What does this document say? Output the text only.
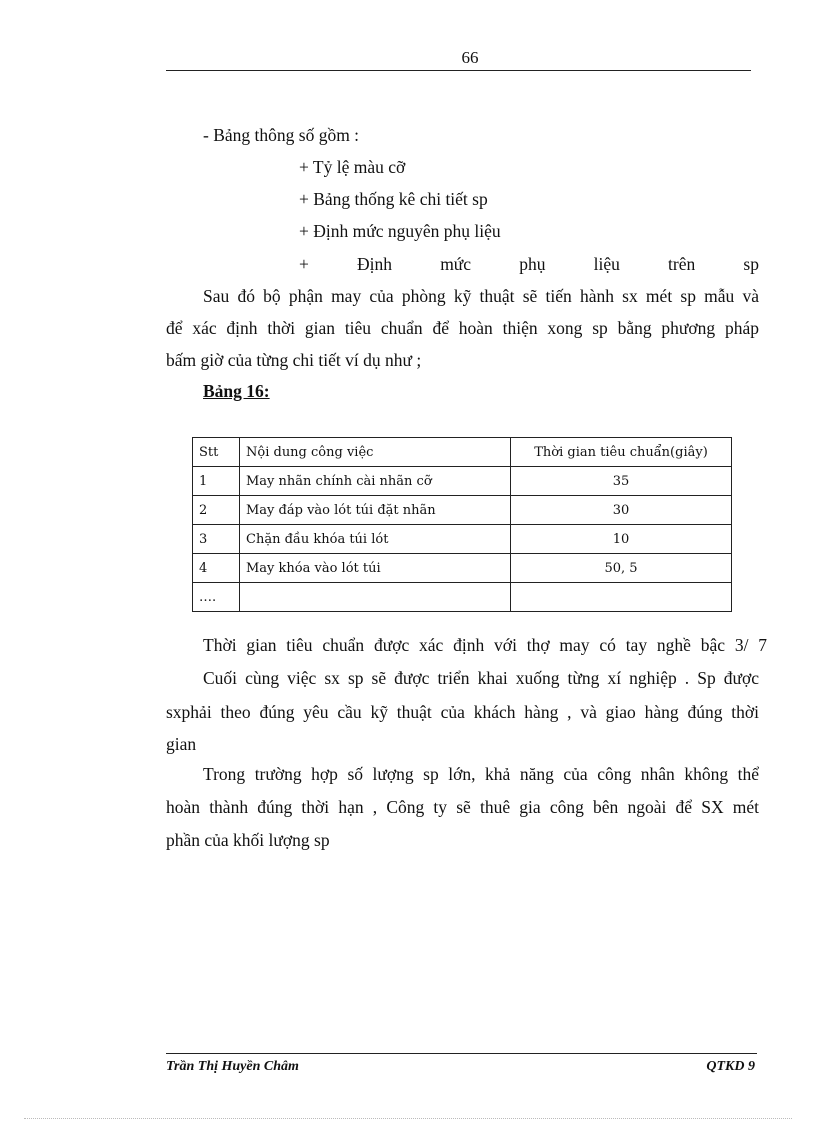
66
- Bảng thông số gồm :
+ Tỷ lệ màu cỡ
+ Bảng thống kê chi tiết sp
+ Định mức nguyên phụ liệu
+	Định	mức	phụ	liệu	trên	sp
Sau đó bộ phận may của phòng kỹ thuật sẽ tiến hành sx mét sp mẫu và
để xác định thời gian tiêu chuẩn để hoàn thiện xong sp bằng phương pháp
bấm giờ của từng chi tiết ví dụ như ;
Bảng 16:
Stt	Nội dung công việc	Thời gian tiêu chuẩn(giây)
1	May nhãn chính cài nhãn cỡ	35
2	May đáp vào lót túi đặt nhãn	30
3	Chặn đầu khóa túi lót	10
4	May khóa vào lót túi	50, 5
….		
Thời gian tiêu chuẩn được xác định với thợ may có tay nghề bậc 3/ 7
Cuối cùng việc sx sp sẽ được triển khai xuống từng xí nghiệp . Sp được
sxphải theo đúng yêu cầu kỹ thuật của khách hàng , và giao hàng đúng thời
gian
Trong trường hợp số lượng sp lớn, khả năng của công nhân không thể
hoàn thành đúng thời hạn , Công ty sẽ thuê gia công bên ngoài để SX mét
phần của khối lượng sp
Trần Thị Huyền Châm	QTKD 9
